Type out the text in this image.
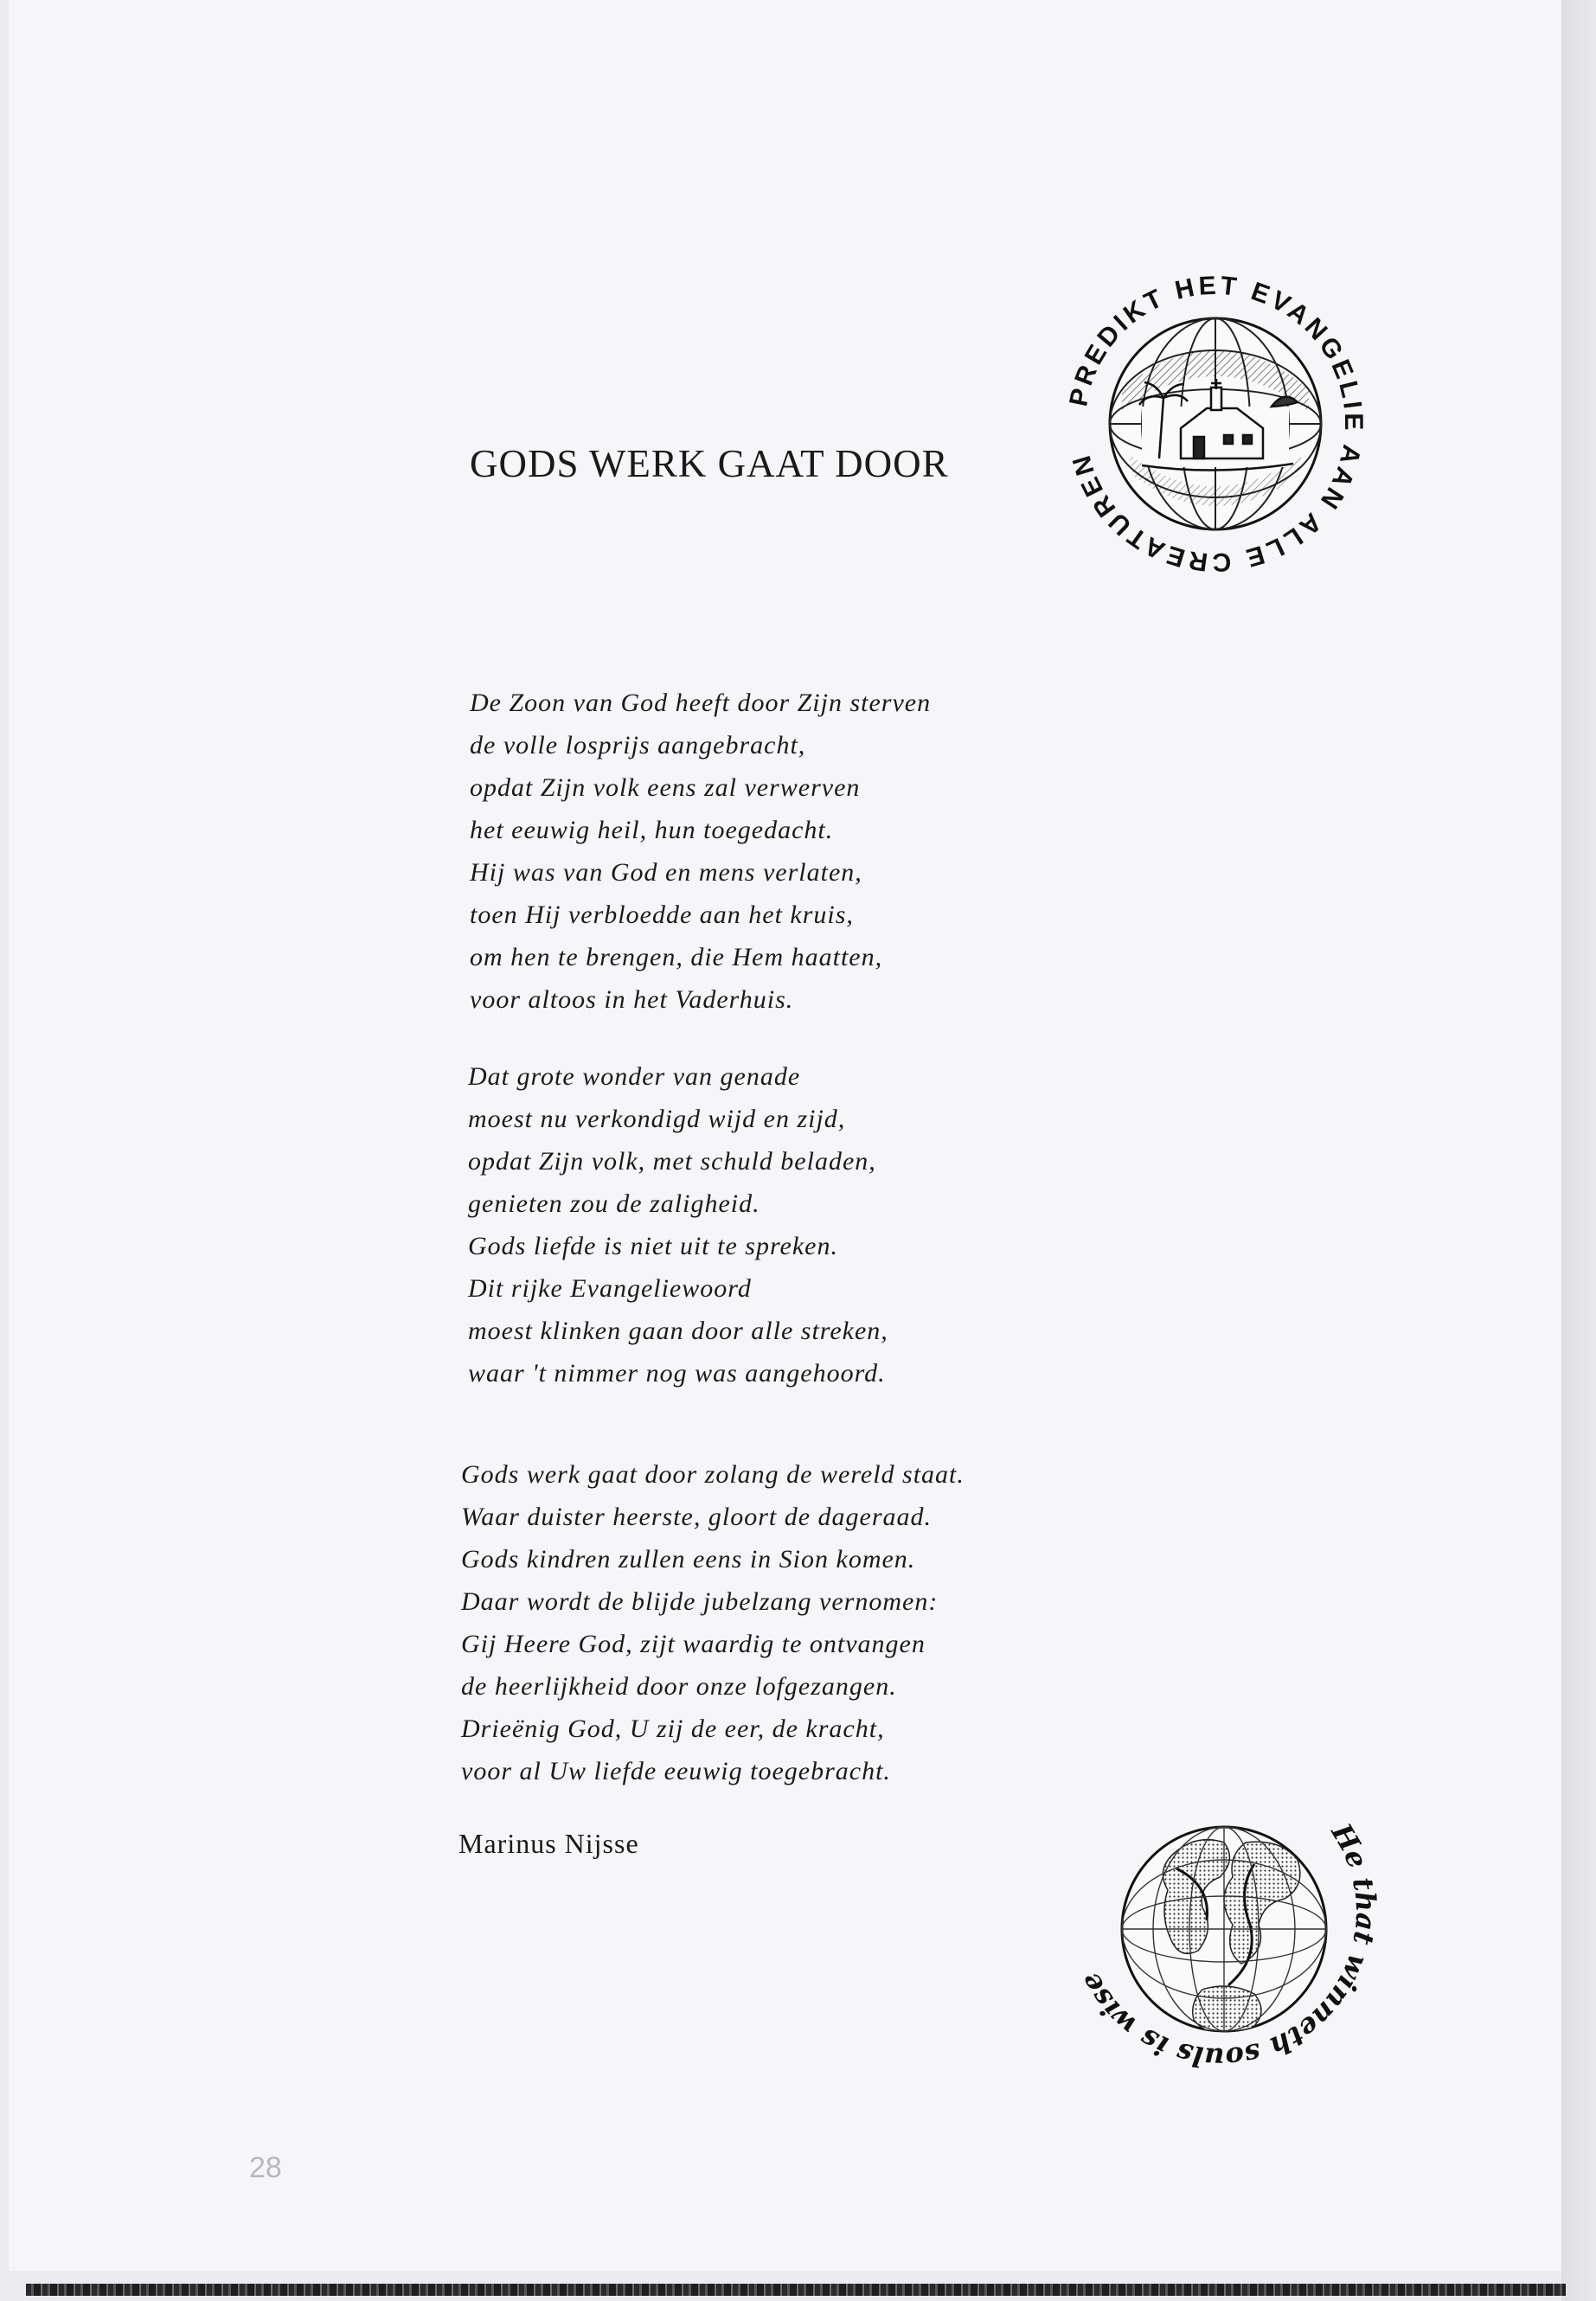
PREDIKT HET EVANGELIE AAN ALLE CREATUREN
GODS WERK GAAT DOOR
De Zoon van God heeft door Zijn sterven
de volle losprijs aangebracht,
opdat Zijn volk eens zal verwerven
het eeuwig heil, hun toegedacht.
Hij was van God en mens verlaten,
toen Hij verbloedde aan het kruis,
om hen te brengen, die Hem haatten,
voor altoos in het Vaderhuis.
Dat grote wonder van genade
moest nu verkondigd wijd en zijd,
opdat Zijn volk, met schuld beladen,
genieten zou de zaligheid.
Gods liefde is niet uit te spreken.
Dit rijke Evangeliewoord
moest klinken gaan door alle streken,
waar 't nimmer nog was aangehoord.
Gods werk gaat door zolang de wereld staat.
Waar duister heerste, gloort de dageraad.
Gods kindren zullen eens in Sion komen.
Daar wordt de blijde jubelzang vernomen:
Gij Heere God, zijt waardig te ontvangen
de heerlijkheid door onze lofgezangen.
Drieënig God, U zij de eer, de kracht,
voor al Uw liefde eeuwig toegebracht.
Marinus Nijsse	He that winneth souls is wise
28
